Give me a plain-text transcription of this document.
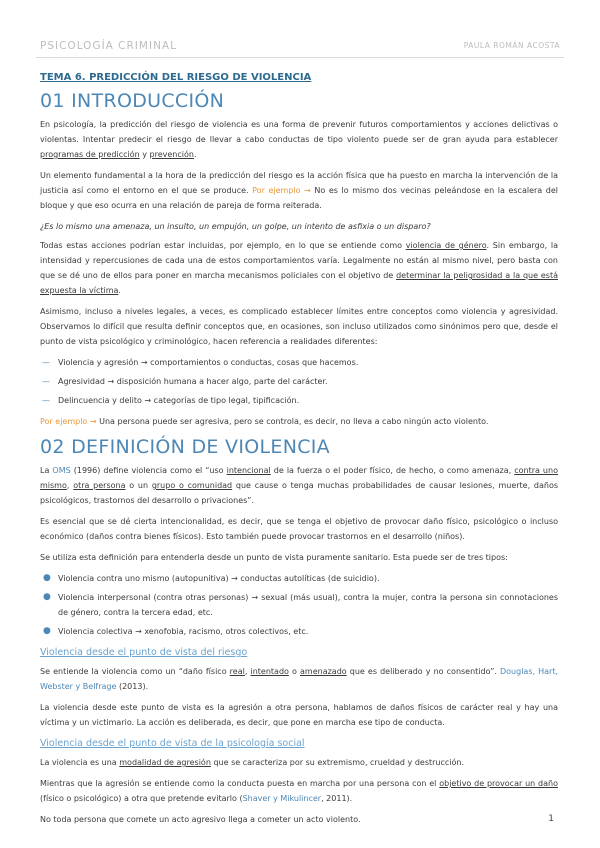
PSICOLOGÍA CRIMINAL	PAULA ROMÁN ACOSTA
TEMA 6. PREDICCIÓN DEL RIESGO DE VIOLENCIA
01 INTRODUCCIÓN

En psicología, la predicción del riesgo de violencia es una forma de prevenir futuros comportamientos y acciones delictivas o violentas. Intentar predecir el riesgo de llevar a cabo conductas de tipo violento puede ser de gran ayuda para establecer programas de predicción y prevención.

Un elemento fundamental a la hora de la predicción del riesgo es la acción física que ha puesto en marcha la intervención de la justicia así como el entorno en el que se produce. Por ejemplo → No es lo mismo dos vecinas peleándose en la escalera del bloque y que eso ocurra en una relación de pareja de forma reiterada.

¿Es lo mismo una amenaza, un insulto, un empujón, un golpe, un intento de asfixia o un disparo?

Todas estas acciones podrían estar incluidas, por ejemplo, en lo que se entiende como violencia de género. Sin embargo, la intensidad y repercusiones de cada una de estos comportamientos varía. Legalmente no están al mismo nivel, pero basta con que se dé uno de ellos para poner en marcha mecanismos policiales con el objetivo de determinar la peligrosidad a la que está expuesta la víctima.

Asimismo, incluso a niveles legales, a veces, es complicado establecer límites entre conceptos como violencia y agresividad. Observamos lo difícil que resulta definir conceptos que, en ocasiones, son incluso utilizados como sinónimos pero que, desde el punto de vista psicológico y criminológico, hacen referencia a realidades diferentes:

— Violencia y agresión → comportamientos o conductas, cosas que hacemos.
— Agresividad → disposición humana a hacer algo, parte del carácter.
— Delincuencia y delito → categorías de tipo legal, tipificación.

Por ejemplo → Una persona puede ser agresiva, pero se controla, es decir, no lleva a cabo ningún acto violento.

02 DEFINICIÓN DE VIOLENCIA

La OMS (1996) define violencia como el “uso intencional de la fuerza o el poder físico, de hecho, o como amenaza, contra uno mismo, otra persona o un grupo o comunidad que cause o tenga muchas probabilidades de causar lesiones, muerte, daños psicológicos, trastornos del desarrollo o privaciones”.

Es esencial que se dé cierta intencionalidad, es decir, que se tenga el objetivo de provocar daño físico, psicológico o incluso económico (daños contra bienes físicos). Esto también puede provocar trastornos en el desarrollo (niños).

Se utiliza esta definición para entenderla desde un punto de vista puramente sanitario. Esta puede ser de tres tipos:

● Violencia contra uno mismo (autopunitiva) → conductas autolíticas (de suicidio).
● Violencia interpersonal (contra otras personas) → sexual (más usual), contra la mujer, contra la persona sin connotaciones de género, contra la tercera edad, etc.
● Violencia colectiva → xenofobia, racismo, otros colectivos, etc.
Violencia desde el punto de vista del riesgo

Se entiende la violencia como un “daño físico real, intentado o amenazado que es deliberado y no consentido”. Douglas, Hart, Webster y Belfrage (2013).

La violencia desde este punto de vista es la agresión a otra persona, hablamos de daños físicos de carácter real y hay una víctima y un victimario. La acción es deliberada, es decir, que pone en marcha ese tipo de conducta.

Violencia desde el punto de vista de la psicología social

La violencia es una modalidad de agresión que se caracteriza por su extremismo, crueldad y destrucción.

Mientras que la agresión se entiende como la conducta puesta en marcha por una persona con el objetivo de provocar un daño (físico o psicológico) a otra que pretende evitarlo (Shaver y Mikulincer, 2011).

No toda persona que comete un acto agresivo llega a cometer un acto violento.	1
